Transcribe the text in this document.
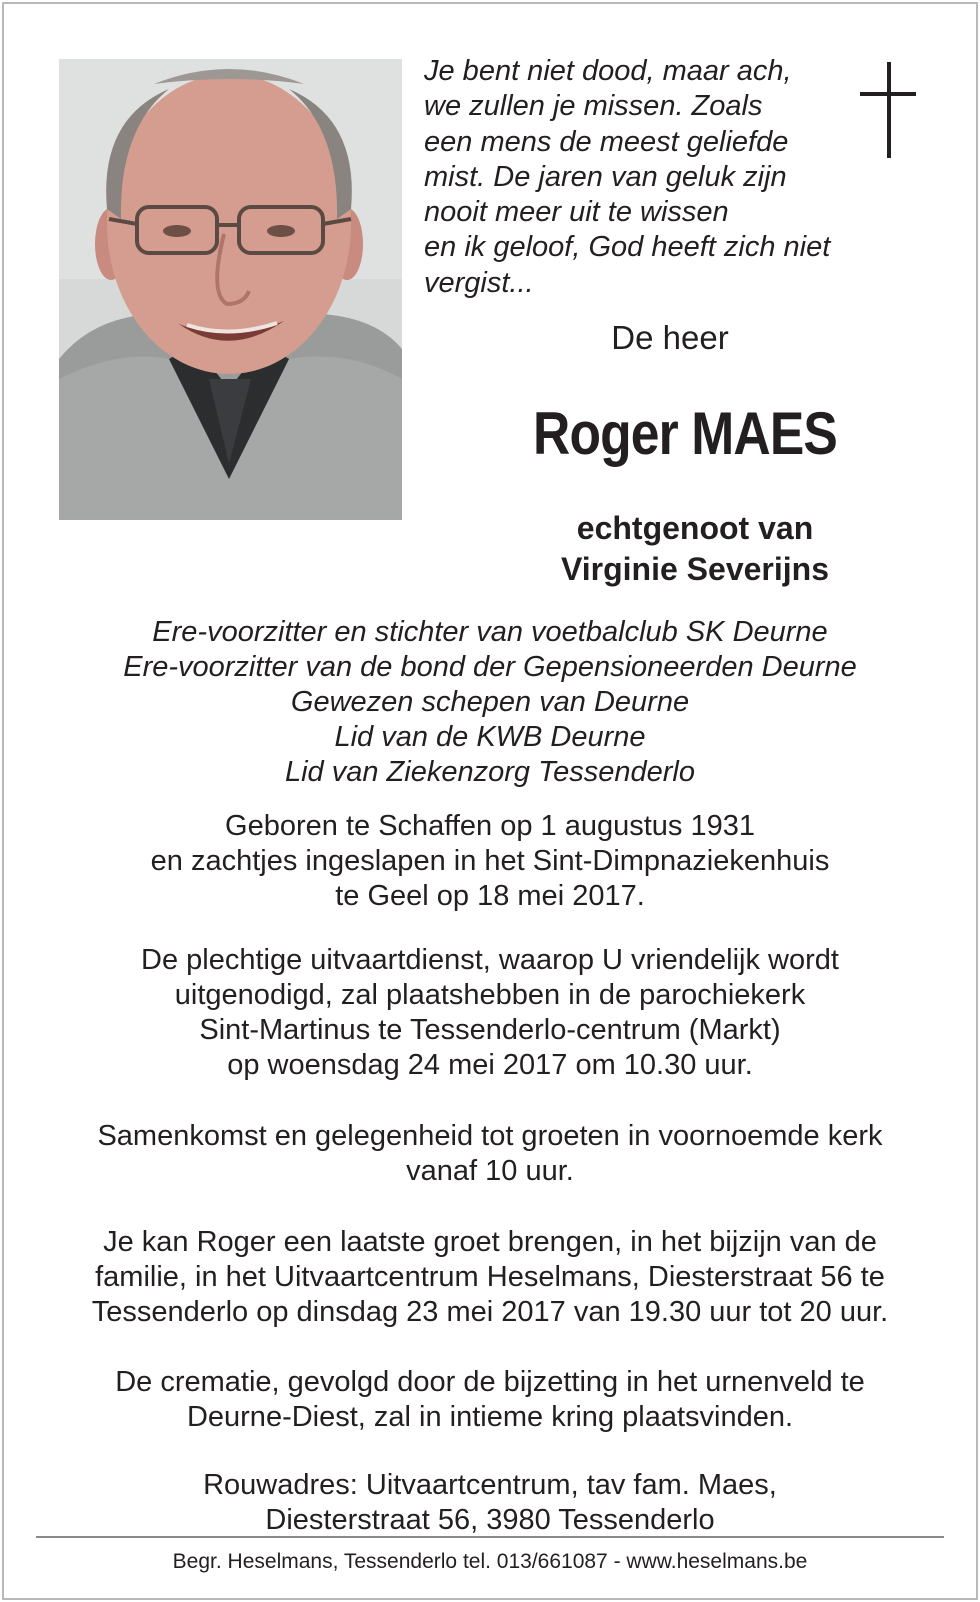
Je bent niet dood, maar ach,
we zullen je missen. Zoals
een mens de meest geliefde
mist. De jaren van geluk zijn
nooit meer uit te wissen
en ik geloof, God heeft zich niet
vergist...
De heer
Roger MAES
echtgenoot van
Virginie Severijns
Ere-voorzitter en stichter van voetbalclub SK Deurne
Ere-voorzitter van de bond der Gepensioneerden Deurne
Gewezen schepen van Deurne
Lid van de KWB Deurne
Lid van Ziekenzorg Tessenderlo
Geboren te Schaffen op 1 augustus 1931
en zachtjes ingeslapen in het Sint-Dimpnaziekenhuis
te Geel op 18 mei 2017.
De plechtige uitvaartdienst, waarop U vriendelijk wordt
uitgenodigd, zal plaatshebben in de parochiekerk
Sint-Martinus te Tessenderlo-centrum (Markt)
op woensdag 24 mei 2017 om 10.30 uur.
Samenkomst en gelegenheid tot groeten in voornoemde kerk
vanaf 10 uur.
Je kan Roger een laatste groet brengen, in het bijzijn van de
familie, in het Uitvaartcentrum Heselmans, Diesterstraat 56 te
Tessenderlo op dinsdag 23 mei 2017 van 19.30 uur tot 20 uur.
De crematie, gevolgd door de bijzetting in het urnenveld te
Deurne-Diest, zal in intieme kring plaatsvinden.
Rouwadres: Uitvaartcentrum, tav fam. Maes,
Diesterstraat 56, 3980 Tessenderlo
Begr. Heselmans, Tessenderlo tel. 013/661087 - www.heselmans.be
